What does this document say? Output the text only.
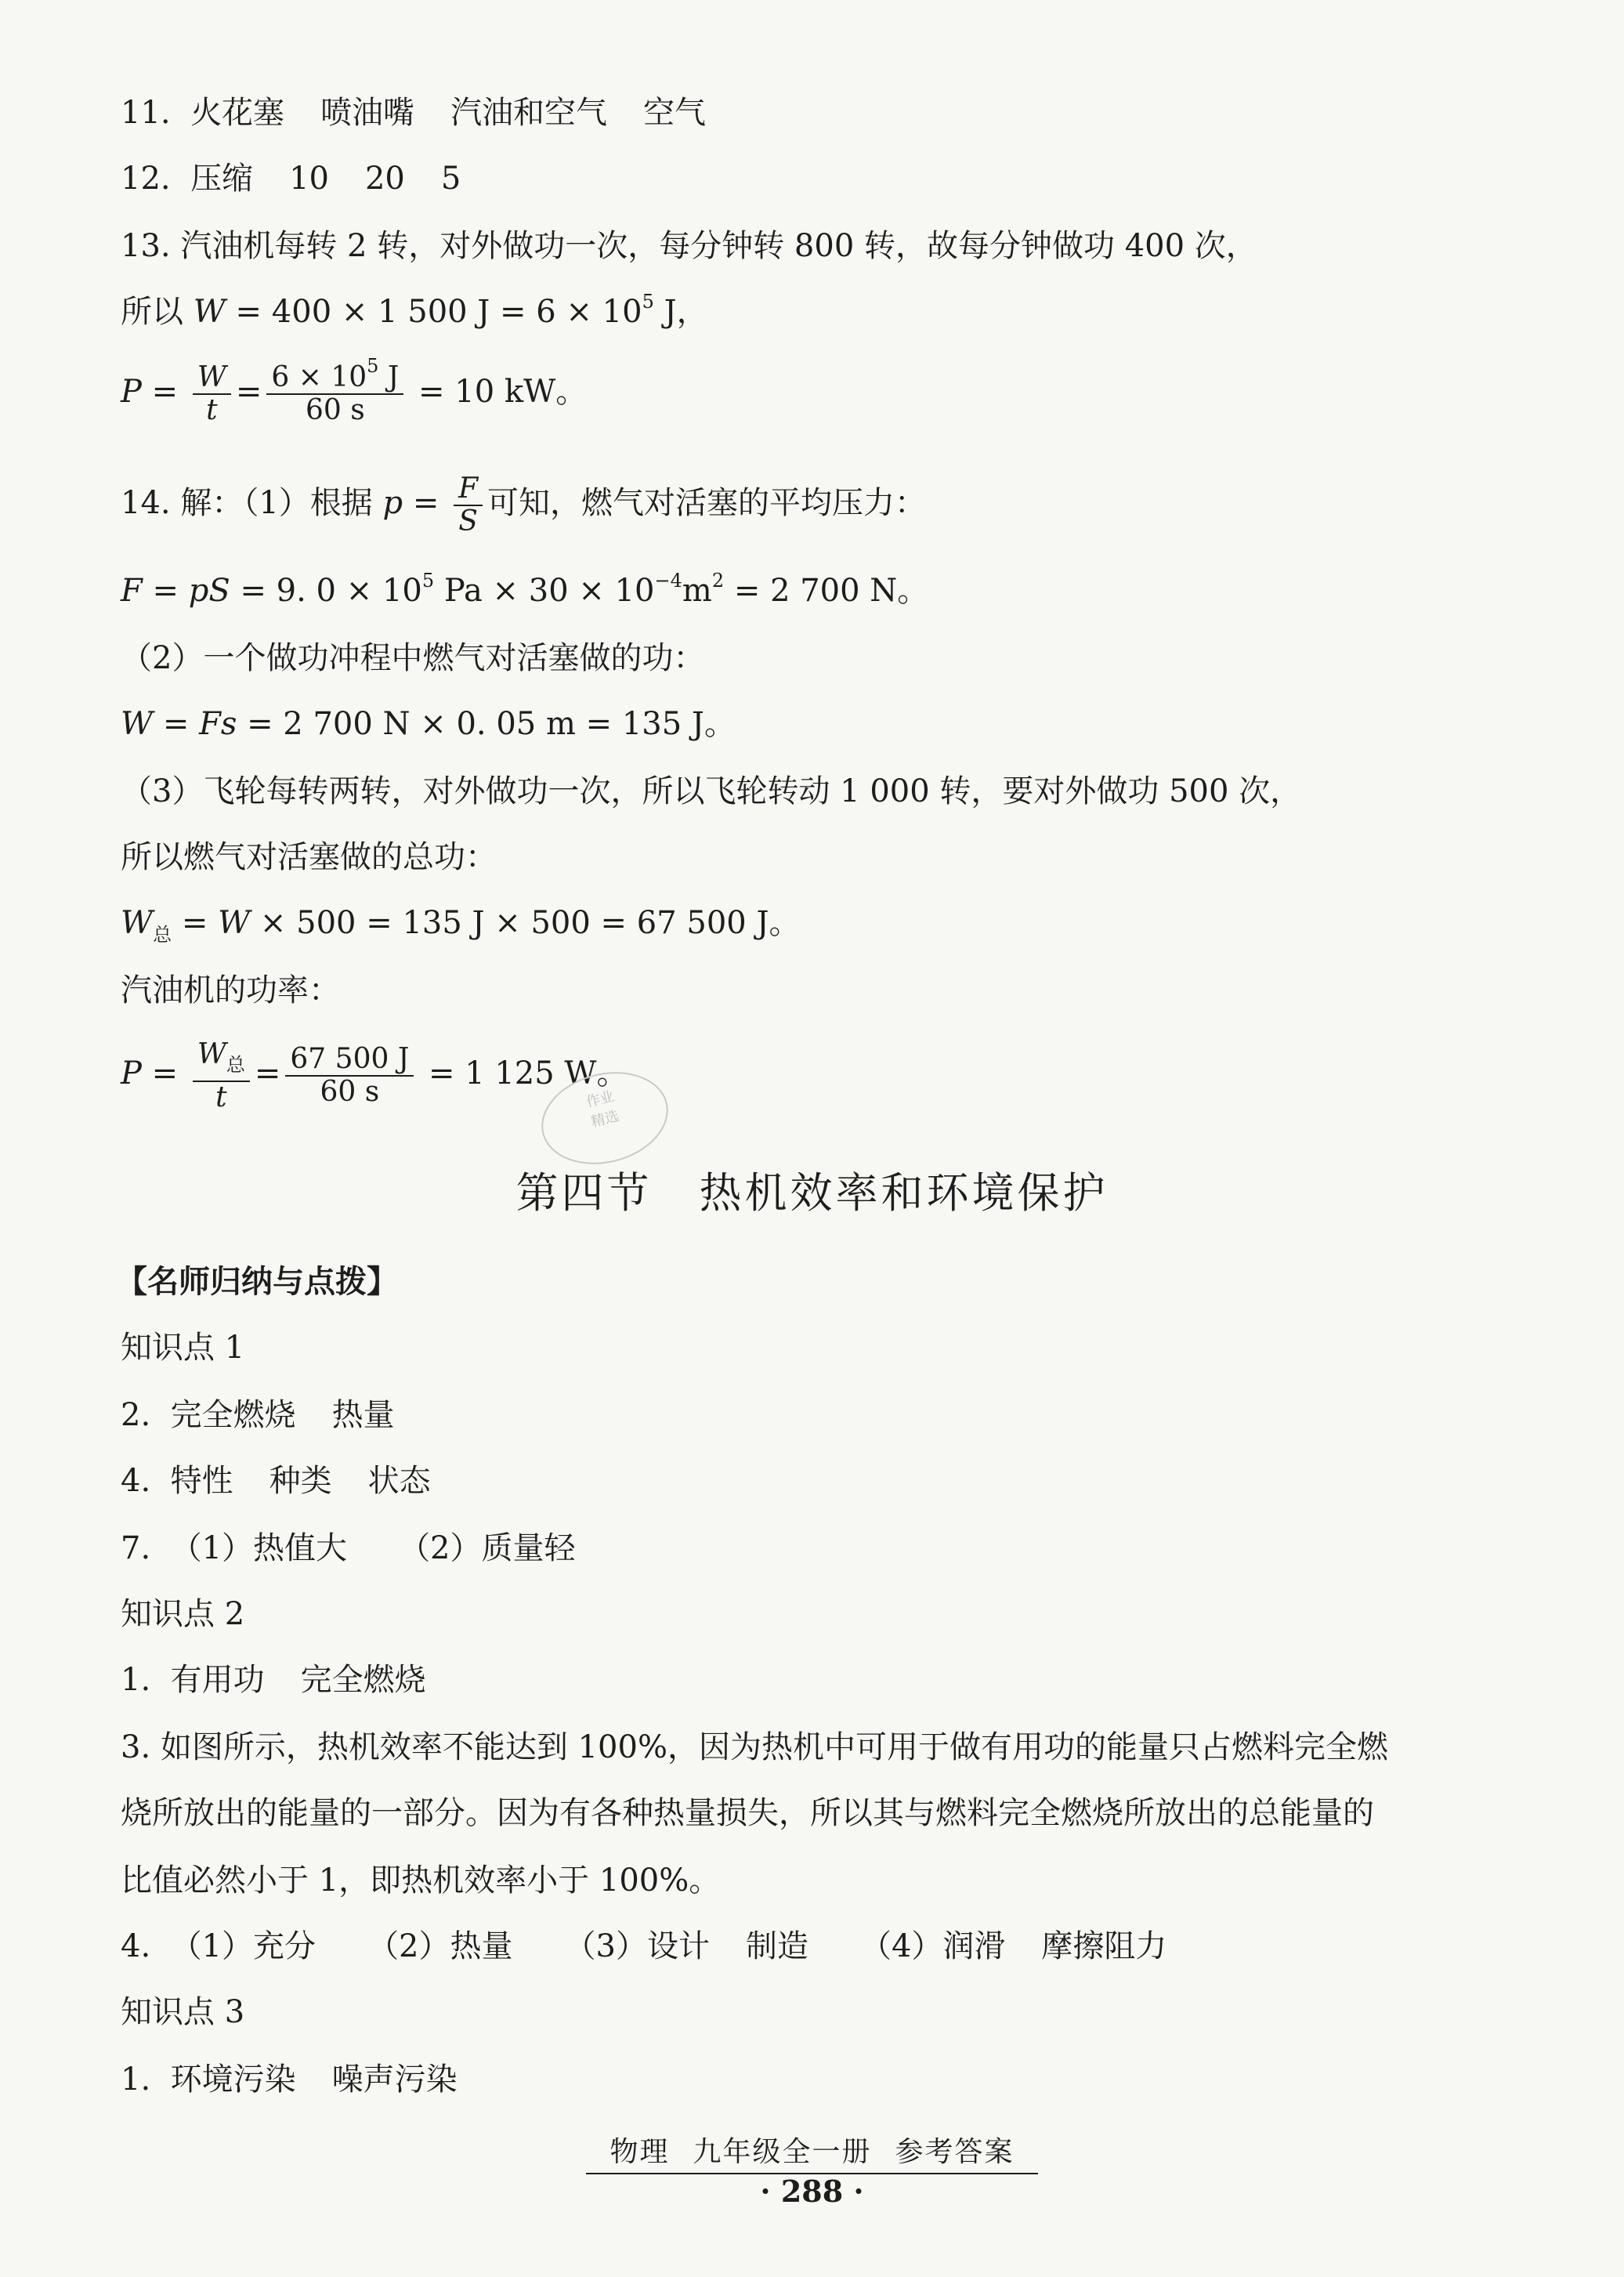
11. 火花塞 喷油嘴 汽油和空气 空气
12. 压缩 10 20 5
13. 汽油机每转 2 转，对外做功一次，每分钟转 800 转，故每分钟做功 400 次，
所以 W = 400 × 1 500 $J = 6 \times 10^5$ J，
$P = \frac{W}{t} = \frac{6 \times 10^5 J}{60 s} = 10$ kW。
14. 解：（1）根据 $p = \frac{F}{S}$ 可知，燃气对活塞的平均压力：
F = pS = 9. $0 \times 10^5$ $Pa \times 30 \times 10^{-4}m^2 = 2$ 700 N。
（2）一个做功冲程中燃气对活塞做的功：
W = Fs = 2 700 N × 0. 05 m = 135 J。
（3）飞轮每转两转，对外做功一次，所以飞轮转动 1 000 转，要对外做功 500 次，
所以燃气对活塞做的总功：
$W_总 = W \times 500 = 135$ J × 500 = 67 500 J。
汽油机的功率：
$P = \frac{W_总}{t} = \frac{67 500 J}{60 s} = 1$ 125 W。
作业
精选
第四节 热机效率和环境保护
【名师归纳与点拨】
知识点 1
2. 完全燃烧 热量
4. 特性 种类 状态
7. （1）热值大 （2）质量轻
知识点 2
1. 有用功 完全燃烧
3. 如图所示，热机效率不能达到 100%，因为热机中可用于做有用功的能量只占燃料完全燃
烧所放出的能量的一部分。因为有各种热量损失，所以其与燃料完全燃烧所放出的总能量的
比值必然小于 1，即热机效率小于 100%。
4. （1）充分 （2）热量 （3）设计 制造 （4）润滑 摩擦阻力
知识点 3
1. 环境污染 噪声污染
物理 九年级全一册 参考答案
· 288 ·
